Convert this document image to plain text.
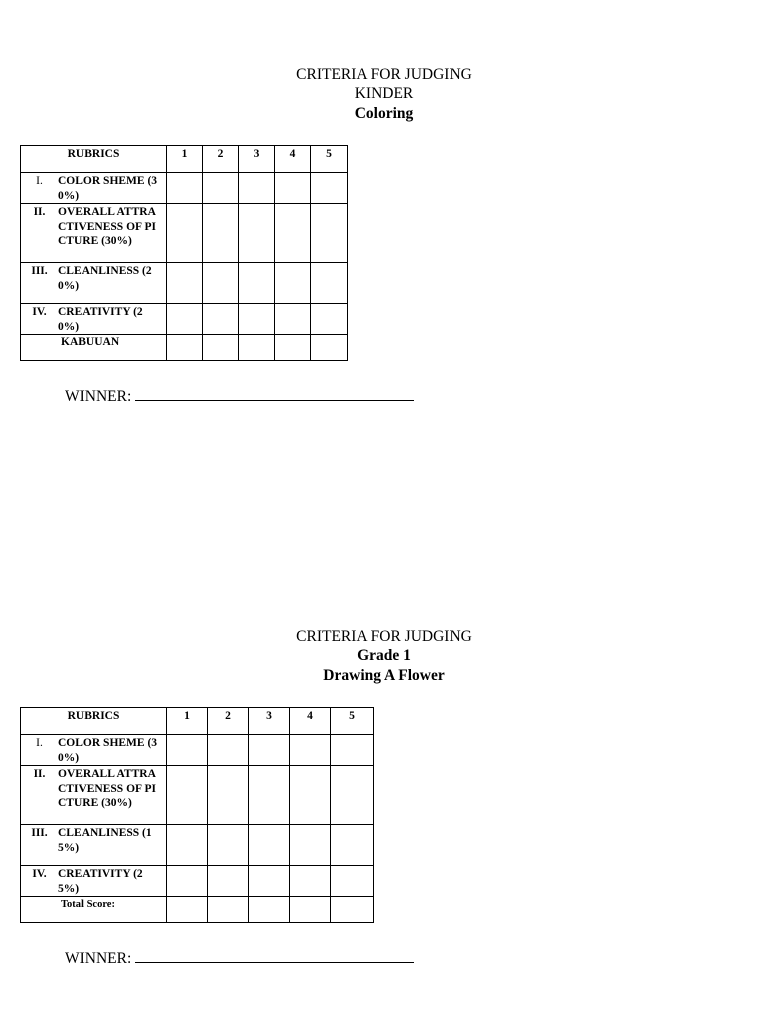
CRITERIA FOR JUDGING

KINDER

Coloring

RUBRICS	1	2	3	4	5

I. COLOR SHEME (30%)					

II. OVERALL ATTRACTIVENESS OF PICTURE (30%)					

III. CLEANLINESS (20%)					

IV. CREATIVITY (20%)					

KABUUAN					
WINNER:

CRITERIA FOR JUDGING

Grade 1

Drawing A Flower

RUBRICS	1	2	3	4	5

I. COLOR SHEME (30%)					

II. OVERALL ATTRACTIVENESS OF PICTURE (30%)					

III. CLEANLINESS (15%)					

IV. CREATIVITY (25%)					

Total Score:					
WINNER:
